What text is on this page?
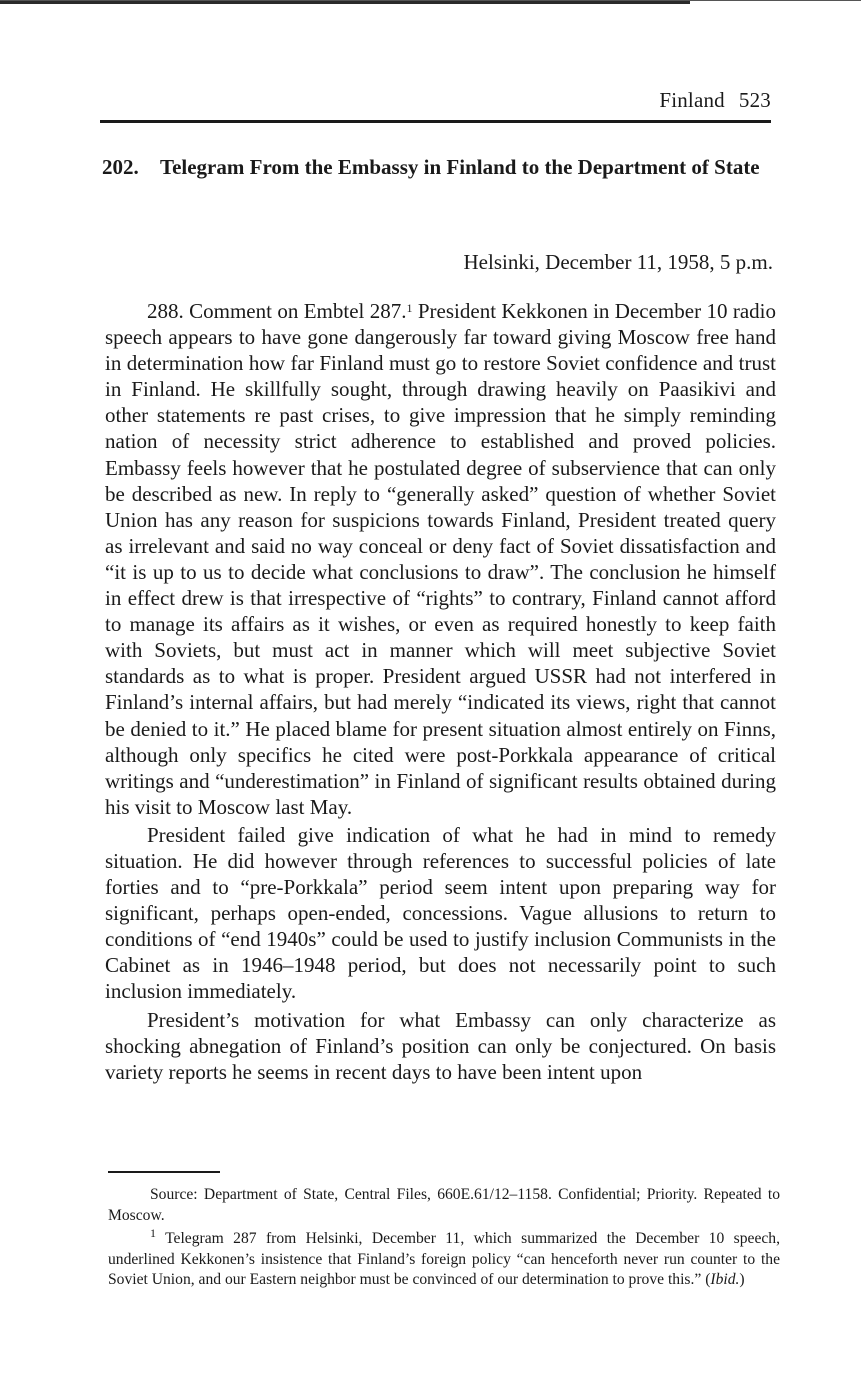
Finland 523
202. Telegram From the Embassy in Finland to the Department of State
Helsinki, December 11, 1958, 5 p.m.

288. Comment on Embtel 287.$^1$ President Kekkonen in December 10 radio speech appears to have gone dangerously far toward giving Moscow free hand in determination how far Finland must go to restore Soviet confidence and trust in Finland. He skillfully sought, through drawing heavily on Paasikivi and other statements re past crises, to give impression that he simply reminding nation of necessity strict adherence to established and proved policies. Embassy feels however that he postulated degree of subservience that can only be described as new. In reply to “generally asked” question of whether Soviet Union has any reason for suspicions towards Finland, President treated query as irrelevant and said no way conceal or deny fact of Soviet dissatisfaction and “it is up to us to decide what conclusions to draw”. The conclusion he himself in effect drew is that irrespective of “rights” to contrary, Finland cannot afford to manage its affairs as it wishes, or even as required honestly to keep faith with Soviets, but must act in manner which will meet subjective Soviet standards as to what is proper. President argued USSR had not interfered in Finland’s internal affairs, but had merely “indicated its views, right that cannot be denied to it.” He placed blame for present situation almost entirely on Finns, although only specifics he cited were post-Porkkala appearance of critical writings and “underestimation” in Finland of significant results obtained during his visit to Moscow last May.

President failed give indication of what he had in mind to remedy situation. He did however through references to successful policies of late forties and to “pre-Porkkala” period seem intent upon preparing way for significant, perhaps open-ended, concessions. Vague allusions to return to conditions of “end 1940s” could be used to justify inclusion Communists in the Cabinet as in 1946–1948 period, but does not necessarily point to such inclusion immediately.

President’s motivation for what Embassy can only characterize as shocking abnegation of Finland’s position can only be conjectured. On basis variety reports he seems in recent days to have been intent upon

Source: Department of State, Central Files, 660E.61/12–1158. Confidential; Priority. Repeated to Moscow.

$^1$ Telegram 287 from Helsinki, December 11, which summarized the December 10 speech, underlined Kekkonen’s insistence that Finland’s foreign policy “can henceforth never run counter to the Soviet Union, and our Eastern neighbor must be convinced of our determination to prove this.” (Ibid.)
